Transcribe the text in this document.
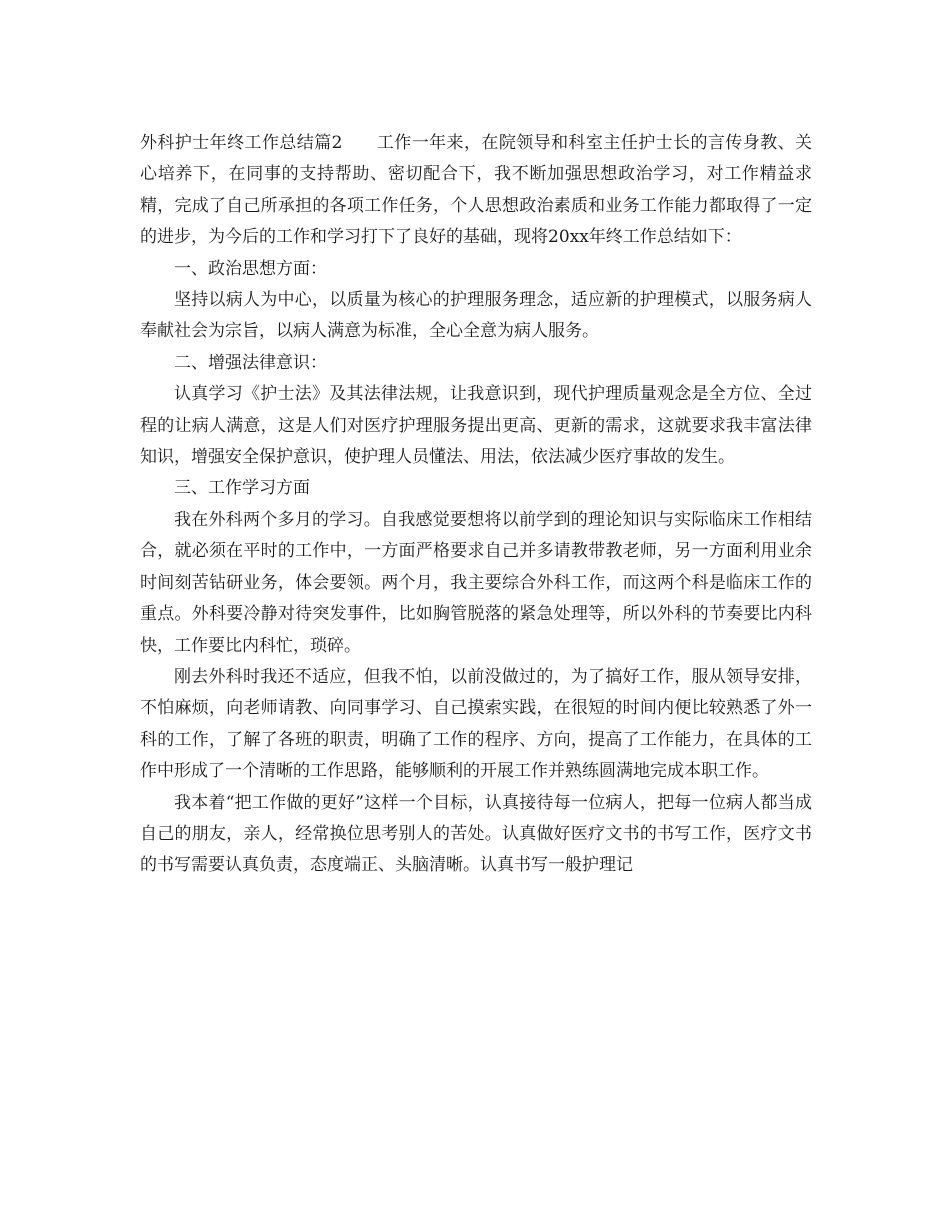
外科护士年终工作总结篇2 工作一年来，在院领导和科室主任护士长的言传身教、关心培养下，在同事的支持帮助、密切配合下，我不断加强思想政治学习，对工作精益求精，完成了自己所承担的各项工作任务，个人思想政治素质和业务工作能力都取得了一定的进步，为今后的工作和学习打下了良好的基础，现将20xx年终工作总结如下：

一、政治思想方面：

坚持以病人为中心，以质量为核心的护理服务理念，适应新的护理模式，以服务病人奉献社会为宗旨，以病人满意为标准，全心全意为病人服务。

二、增强法律意识：

认真学习《护士法》及其法律法规，让我意识到，现代护理质量观念是全方位、全过程的让病人满意，这是人们对医疗护理服务提出更高、更新的需求，这就要求我丰富法律知识，增强安全保护意识，使护理人员懂法、用法，依法减少医疗事故的发生。

三、工作学习方面

我在外科两个多月的学习。自我感觉要想将以前学到的理论知识与实际临床工作相结合，就必须在平时的工作中，一方面严格要求自己并多请教带教老师，另一方面利用业余时间刻苦钻研业务，体会要领。两个月，我主要综合外科工作，而这两个科是临床工作的重点。外科要冷静对待突发事件，比如胸管脱落的紧急处理等，所以外科的节奏要比内科快，工作要比内科忙，琐碎。

刚去外科时我还不适应，但我不怕，以前没做过的，为了搞好工作，服从领导安排，不怕麻烦，向老师请教、向同事学习、自己摸索实践，在很短的时间内便比较熟悉了外一科的工作，了解了各班的职责，明确了工作的程序、方向，提高了工作能力，在具体的工作中形成了一个清晰的工作思路，能够顺利的开展工作并熟练圆满地完成本职工作。

我本着“把工作做的更好”这样一个目标，认真接待每一位病人，把每一位病人都当成自己的朋友，亲人，经常换位思考别人的苦处。认真做好医疗文书的书写工作，医疗文书的书写需要认真负责，态度端正、头脑清晰。认真书写一般护理记
